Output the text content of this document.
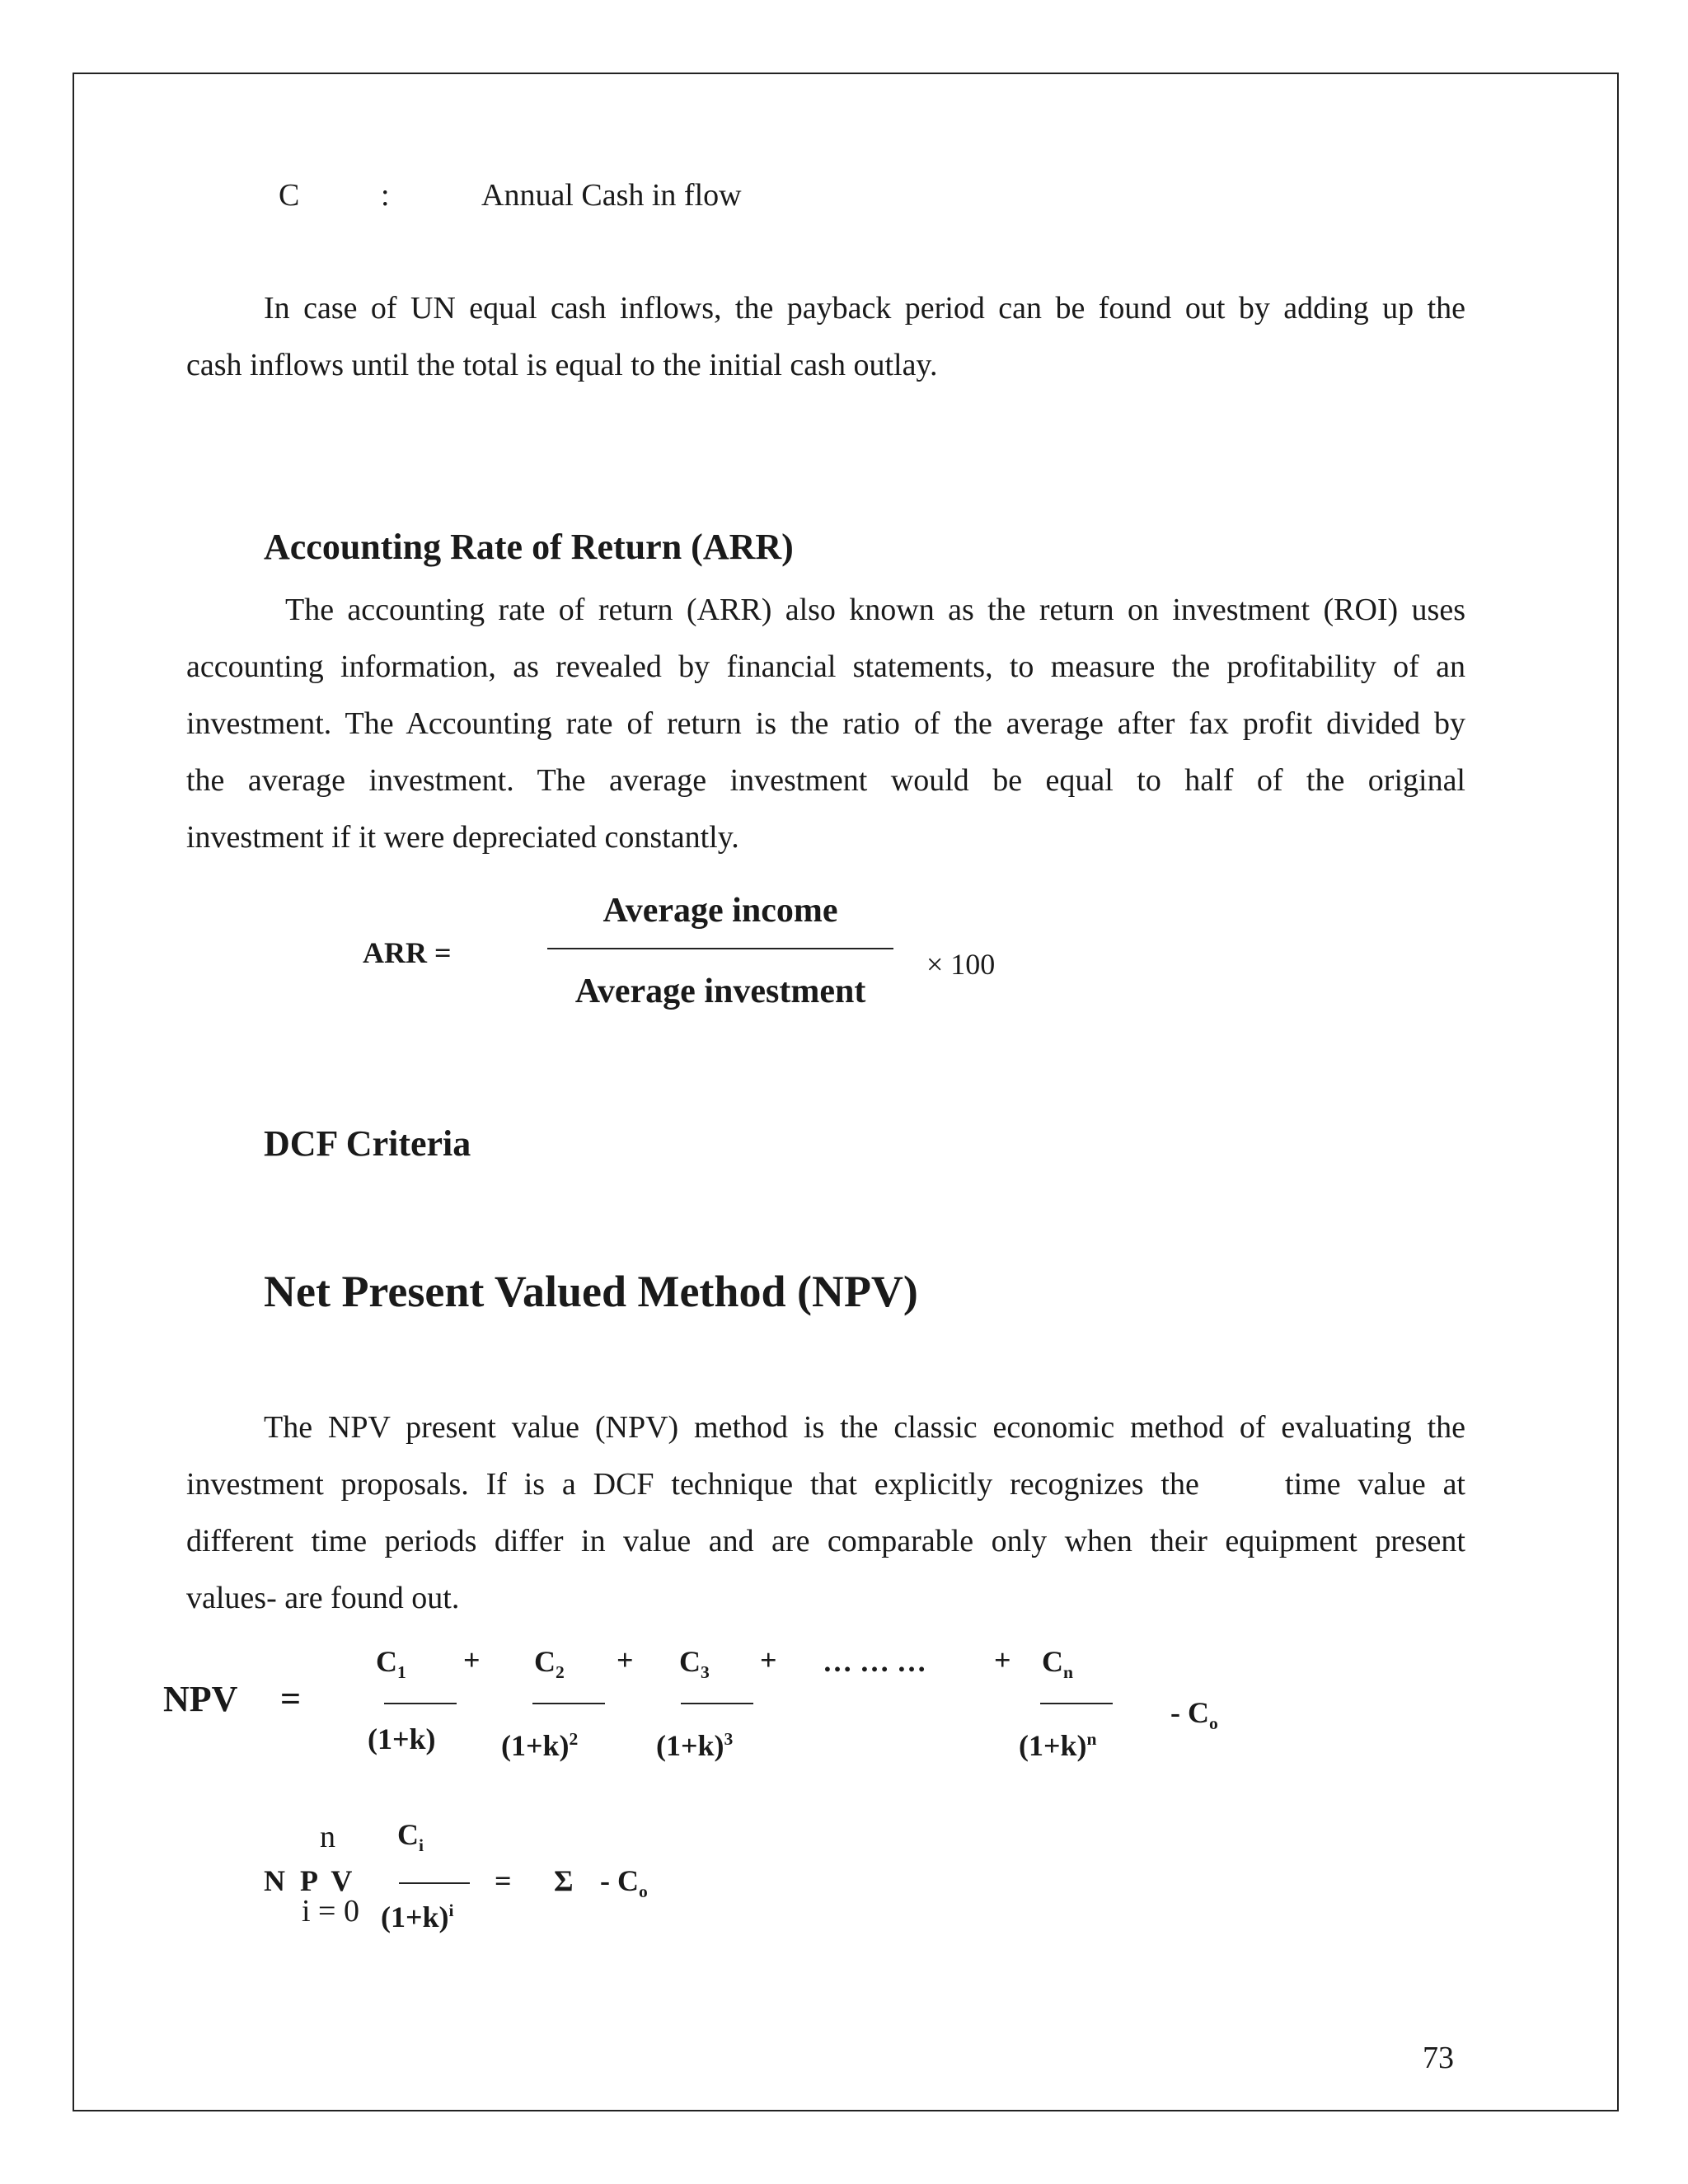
C	:	Annual Cash in flow
In case of UN equal cash inflows, the payback period can be found out by adding up the
cash inflows until the total is equal to the initial cash outlay.
Accounting Rate of Return (ARR)
The accounting rate of return (ARR) also known as the return on investment (ROI) uses
accounting information, as revealed by financial statements, to measure the profitability of an
investment. The Accounting rate of return is the ratio of the average after fax profit divided by
the average investment. The average investment would be equal to half of the original
investment if it were depreciated constantly.
ARR =
Average income
Average investment
× 100
DCF Criteria
Net Present Valued Method (NPV)
The NPV present value (NPV) method is the classic economic method of evaluating the
investment proposals. If is a DCF technique that explicitly recognizes the     time value at
different time periods differ in value and are comparable only when their equipment present
values- are found out.
NPV =
$C_1$
(1+k)
+ $C_2$
$(1+k)^2$
+ $C_3$
$(1+k)^3$
+ … … … + $C_n$
$(1+k)^n$
- $C_o$
n $C_i$
N  P  V	= Σ - $C_o$
i = 0 $(1+k)^i$
73
